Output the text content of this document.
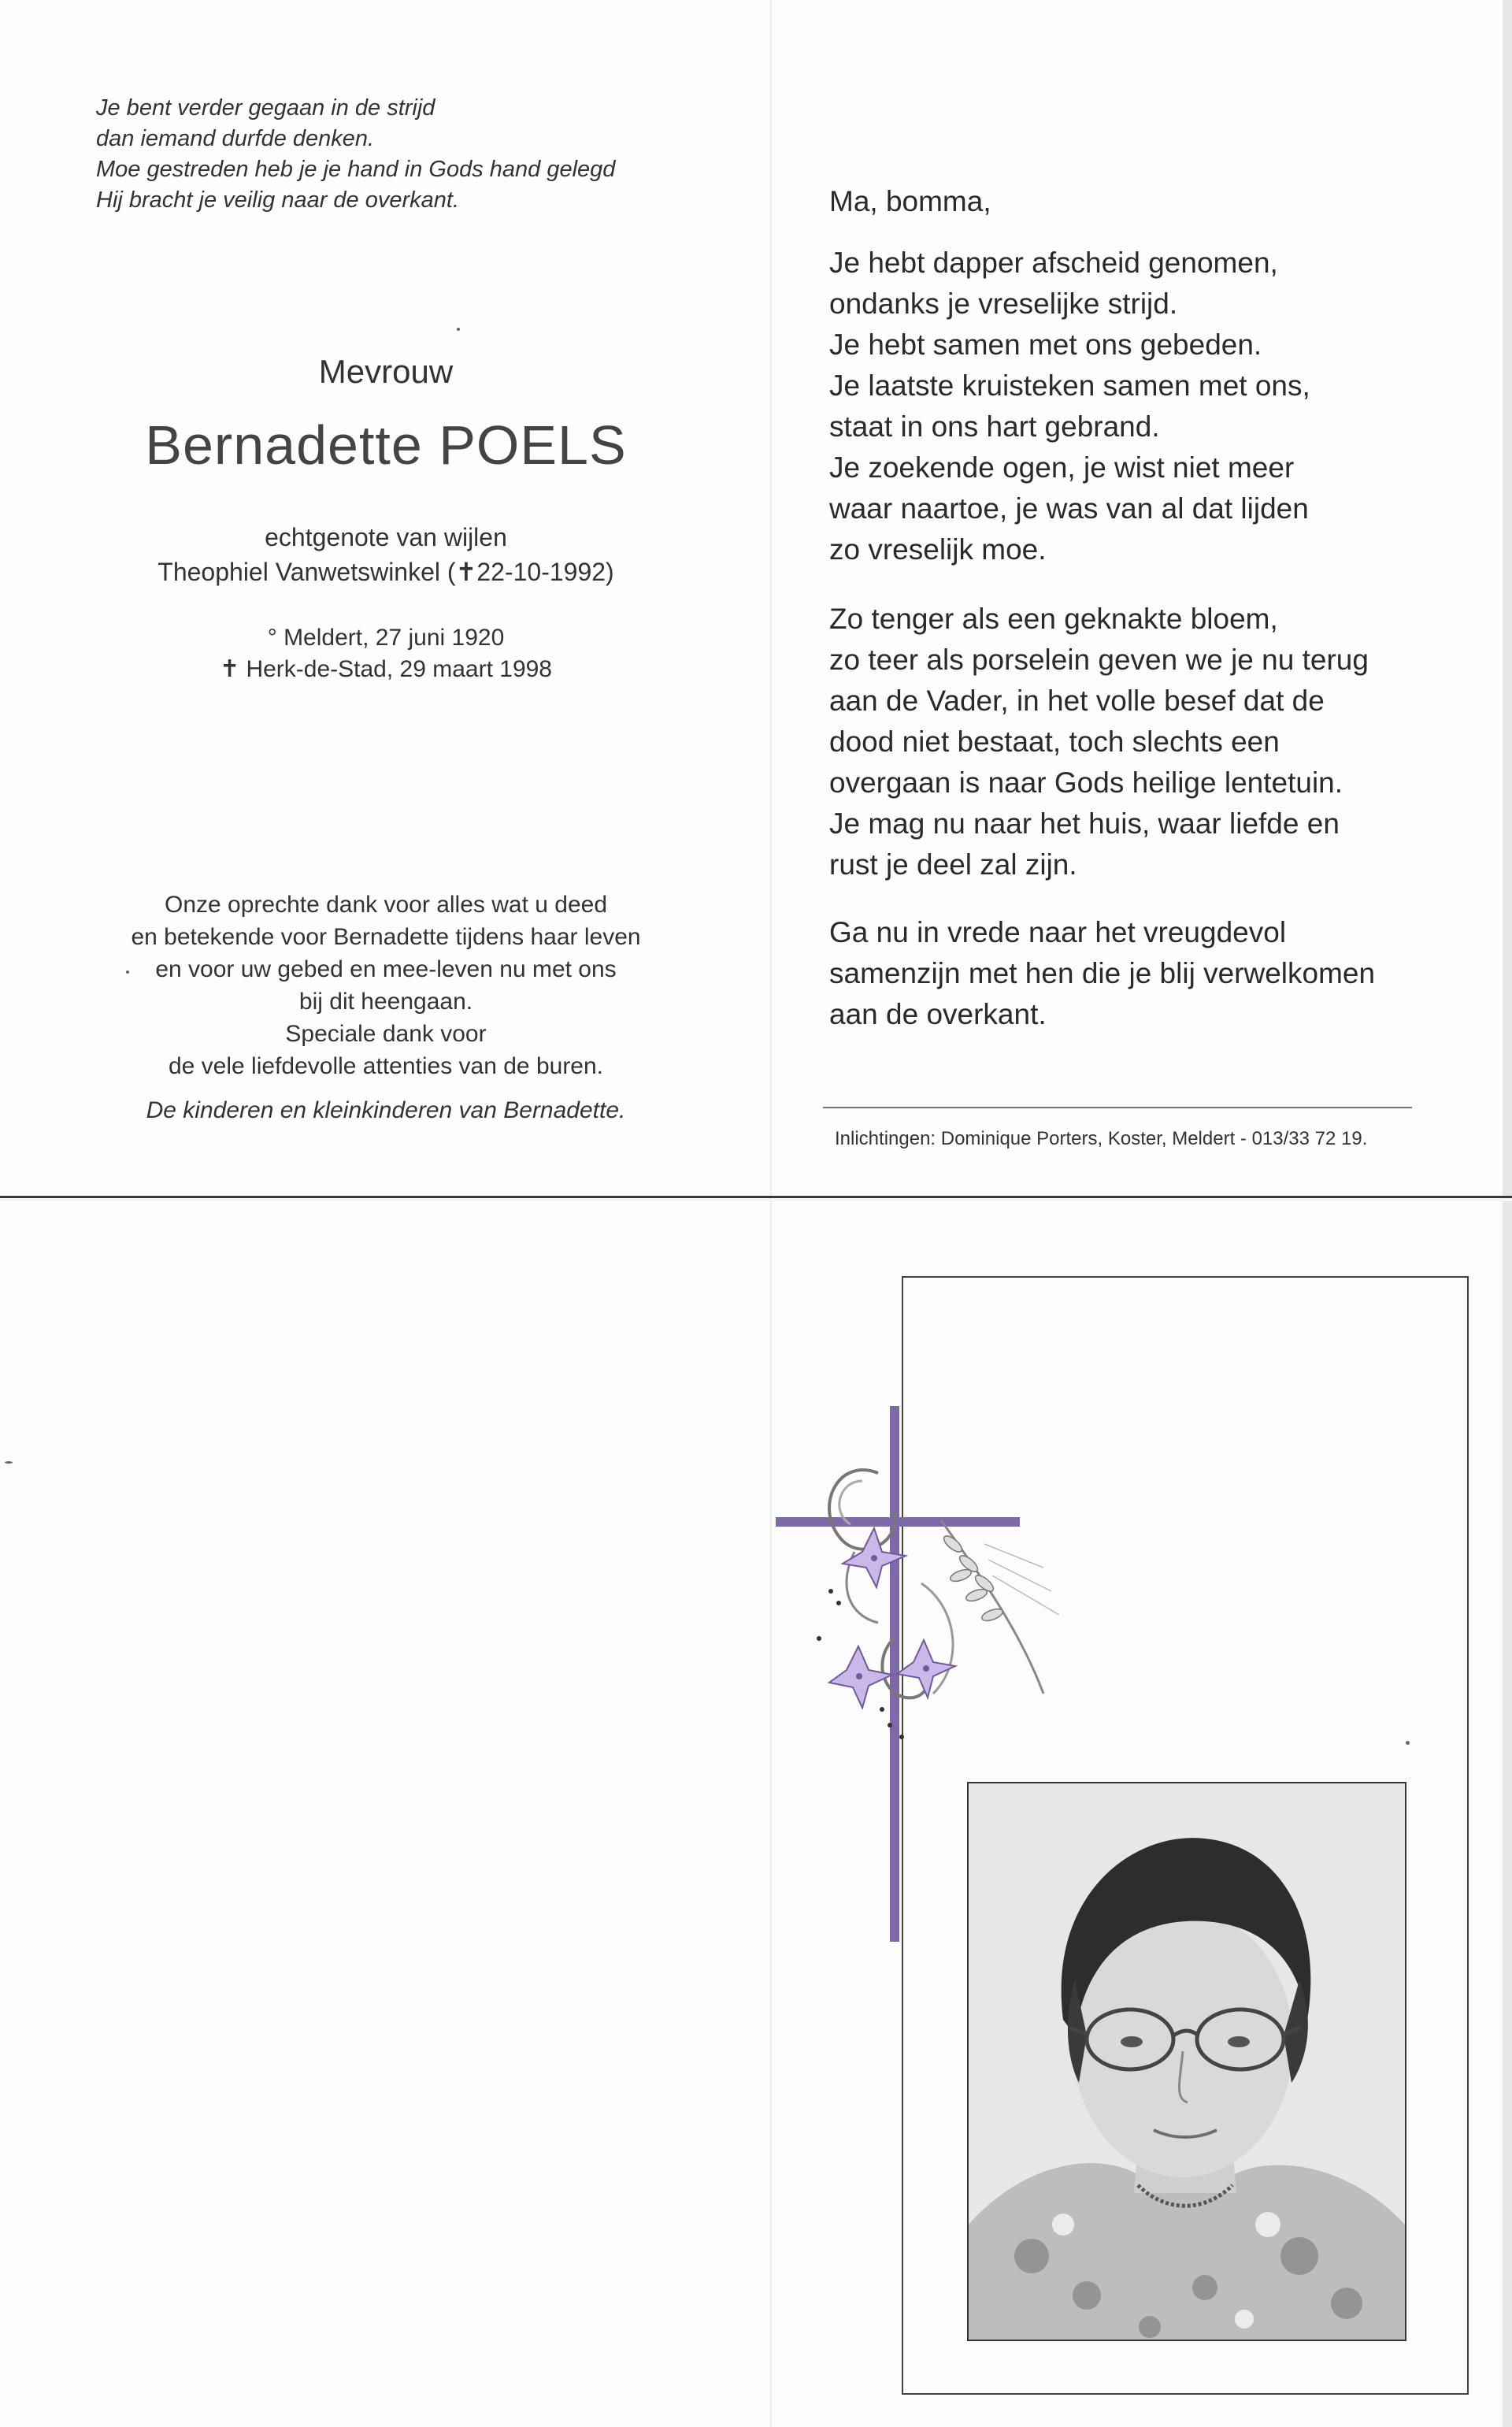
Je bent verder gegaan in de strijd
dan iemand durfde denken.
Moe gestreden heb je je hand in Gods hand gelegd
Hij bracht je veilig naar de overkant.
Mevrouw
Bernadette POELS
echtgenote van wijlen
Theophiel Vanwetswinkel (✝22-10-1992)
° Meldert, 27 juni 1920
✝ Herk-de-Stad, 29 maart 1998
Onze oprechte dank voor alles wat u deed
en betekende voor Bernadette tijdens haar leven
en voor uw gebed en mee-leven nu met ons
bij dit heengaan.
Speciale dank voor
de vele liefdevolle attenties van de buren.
De kinderen en kleinkinderen van Bernadette.
Ma, bomma,
Je hebt dapper afscheid genomen,
ondanks je vreselijke strijd.
Je hebt samen met ons gebeden.
Je laatste kruisteken samen met ons,
staat in ons hart gebrand.
Je zoekende ogen, je wist niet meer
waar naartoe, je was van al dat lijden
zo vreselijk moe.
Zo tenger als een geknakte bloem,
zo teer als porselein geven we je nu terug
aan de Vader, in het volle besef dat de
dood niet bestaat, toch slechts een
overgaan is naar Gods heilige lentetuin.
Je mag nu naar het huis, waar liefde en
rust je deel zal zijn.
Ga nu in vrede naar het vreugdevol
samenzijn met hen die je blij verwelkomen
aan de overkant.
Inlichtingen: Dominique Porters, Koster, Meldert - 013/33 72 19.
